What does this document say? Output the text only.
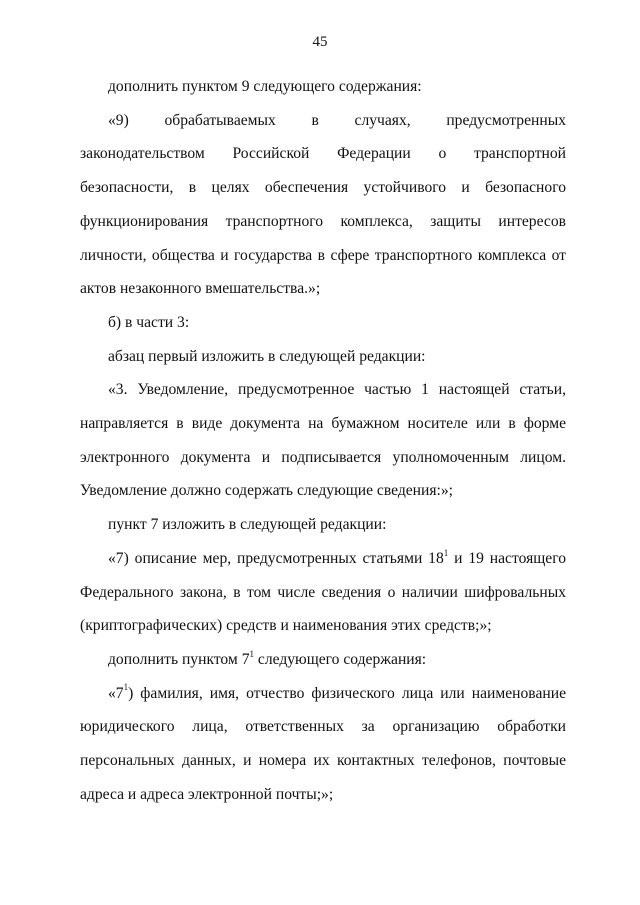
45

дополнить пунктом 9 следующего содержания:

«9) обрабатываемых в случаях, предусмотренных законодательством Российской Федерации о транспортной безопасности, в целях обеспечения устойчивого и безопасного функционирования транспортного комплекса, защиты интересов личности, общества и государства в сфере транспортного комплекса от актов незаконного вмешательства.»;

б) в части 3:

абзац первый изложить в следующей редакции:

«3. Уведомление, предусмотренное частью 1 настоящей статьи, направляется в виде документа на бумажном носителе или в форме электронного документа и подписывается уполномоченным лицом. Уведомление должно содержать следующие сведения:»;

пункт 7 изложить в следующей редакции:

«7) описание мер, предусмотренных статьями $18^1$ и 19 настоящего Федерального закона, в том числе сведения о наличии шифровальных (криптографических) средств и наименования этих средств;»;

дополнить пунктом $7^1$ следующего содержания:

«$7^1$) фамилия, имя, отчество физического лица или наименование юридического лица, ответственных за организацию обработки персональных данных, и номера их контактных телефонов, почтовые адреса и адреса электронной почты;»;
